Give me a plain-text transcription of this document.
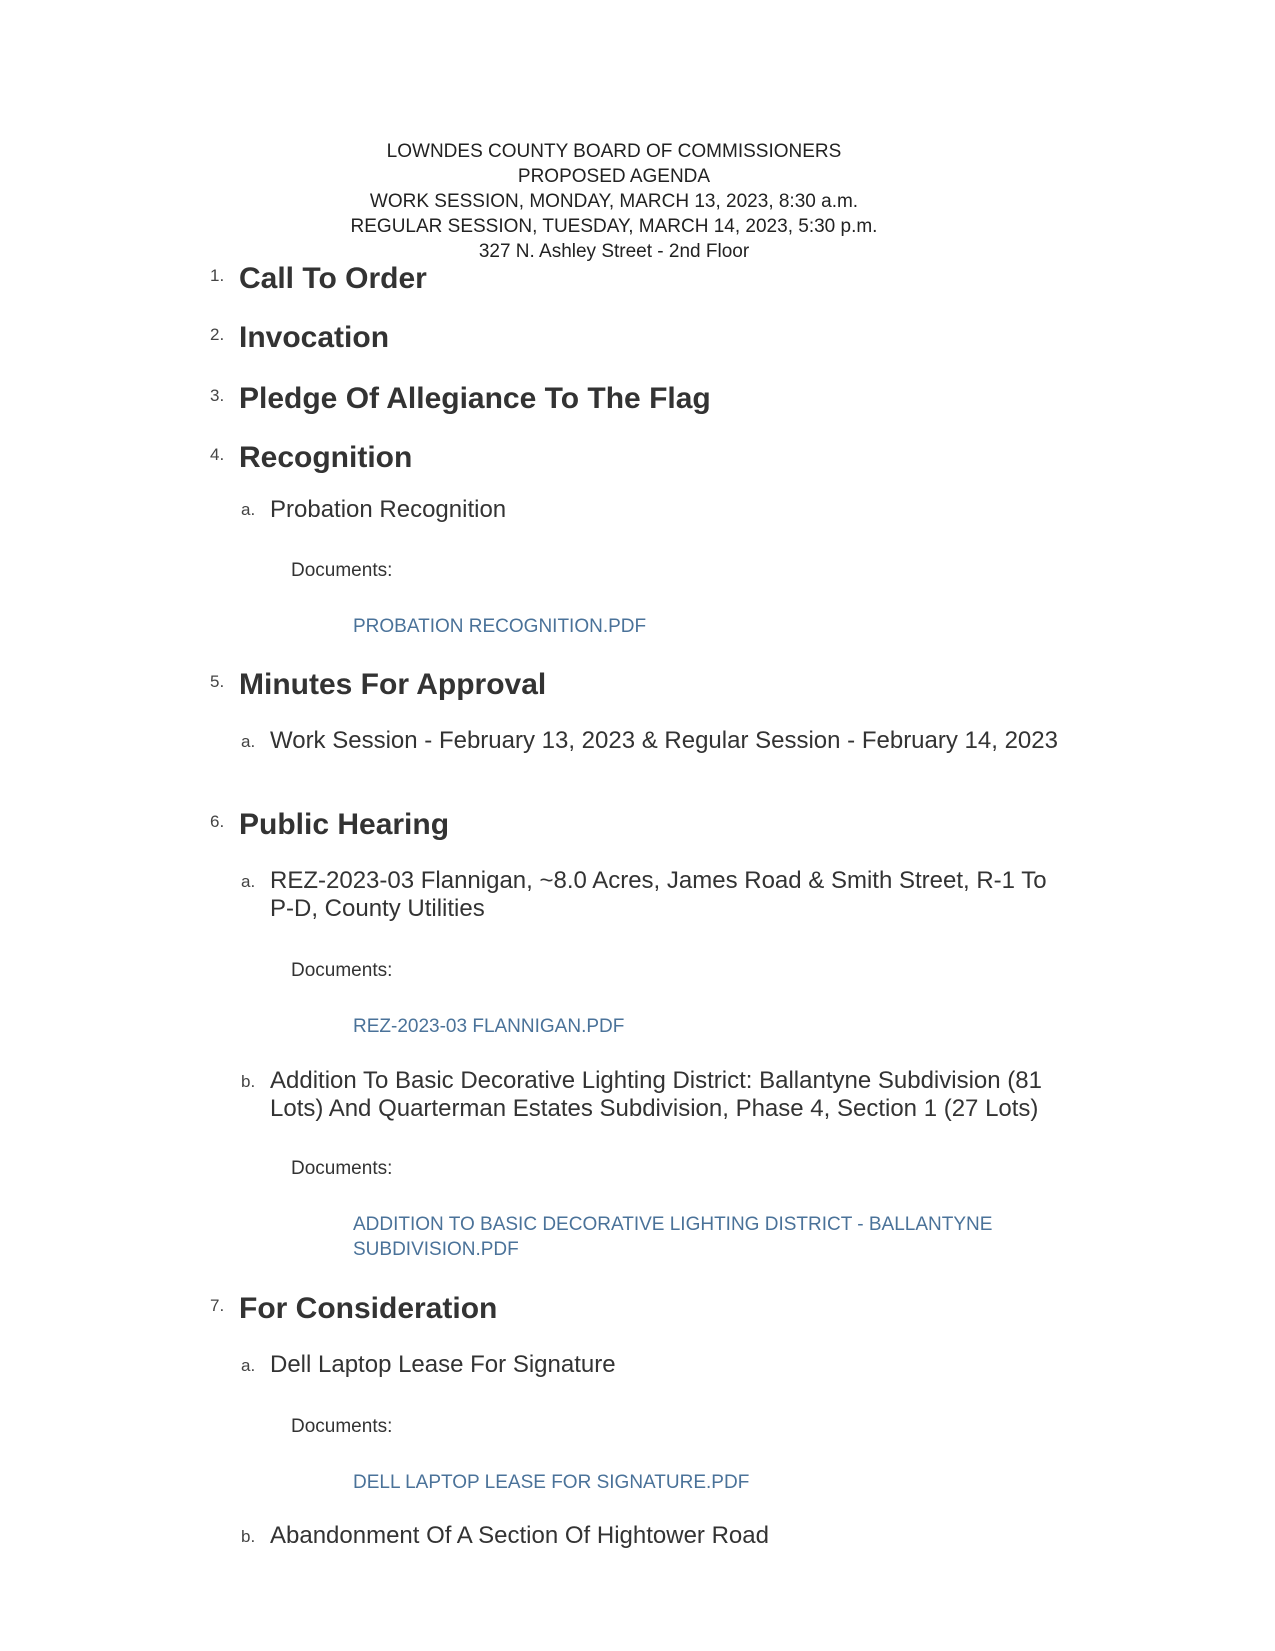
LOWNDES COUNTY BOARD OF COMMISSIONERS
PROPOSED AGENDA
WORK SESSION, MONDAY, MARCH 13, 2023, 8:30 a.m.
REGULAR SESSION, TUESDAY, MARCH 14, 2023, 5:30 p.m.
327 N. Ashley Street - 2nd Floor
1. Call To Order
2. Invocation
3. Pledge Of Allegiance To The Flag
4. Recognition
a. Probation Recognition
Documents:
PROBATION RECOGNITION.PDF
5. Minutes For Approval
a. Work Session - February 13, 2023 & Regular Session - February 14, 2023
6. Public Hearing
a. REZ-2023-03 Flannigan, ~8.0 Acres, James Road & Smith Street, R-1 To P-D, County Utilities
Documents:
REZ-2023-03 FLANNIGAN.PDF
b. Addition To Basic Decorative Lighting District: Ballantyne Subdivision (81 Lots) And Quarterman Estates Subdivision, Phase 4, Section 1 (27 Lots)
Documents:
ADDITION TO BASIC DECORATIVE LIGHTING DISTRICT - BALLANTYNE SUBDIVISION.PDF
7. For Consideration
a. Dell Laptop Lease For Signature
Documents:
DELL LAPTOP LEASE FOR SIGNATURE.PDF
b. Abandonment Of A Section Of Hightower Road
